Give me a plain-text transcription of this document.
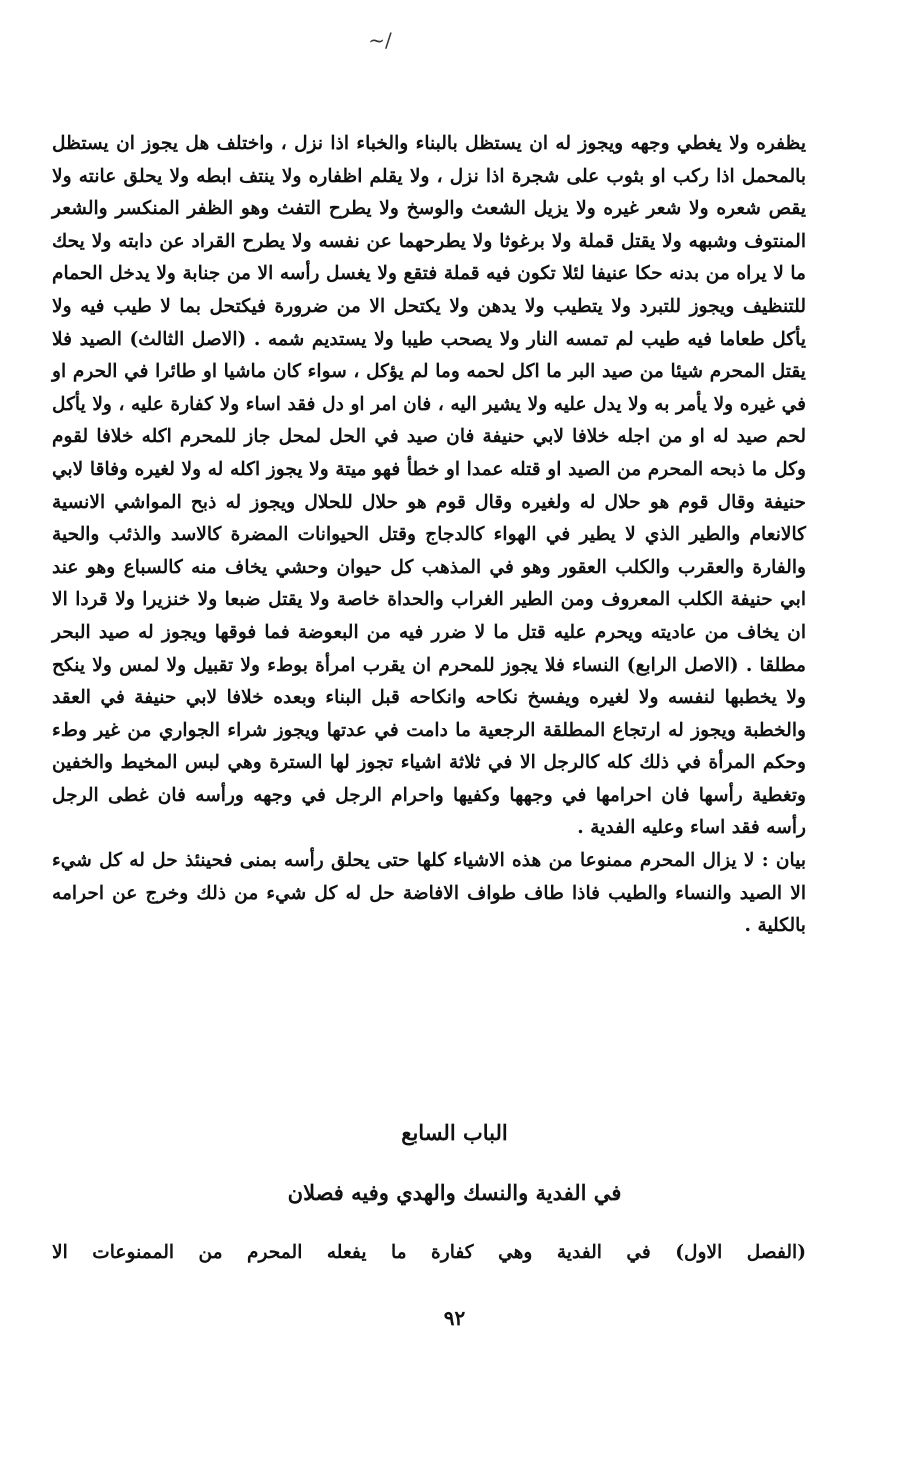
~/

يظفره ولا يغطي وجهه ويجوز له ان يستظل بالبناء والخباء اذا نزل ، واختلف هل يجوز ان يستظل بالمحمل اذا ركب او بثوب على شجرة اذا نزل ، ولا يقلم اظفاره ولا ينتف ابطه ولا يحلق عانته ولا يقص شعره ولا شعر غيره ولا يزيل الشعث والوسخ ولا يطرح التفث وهو الظفر المنكسر والشعر المنتوف وشبهه ولا يقتل قملة ولا برغوثا ولا يطرحهما عن نفسه ولا يطرح القراد عن دابته ولا يحك ما لا يراه من بدنه حكا عنيفا لئلا تكون فيه قملة فتقع ولا يغسل رأسه الا من جنابة ولا يدخل الحمام للتنظيف ويجوز للتبرد ولا يتطيب ولا يدهن ولا يكتحل الا من ضرورة فيكتحل بما لا طيب فيه ولا يأكل طعاما فيه طيب لم تمسه النار ولا يصحب طيبا ولا يستديم شمه . (الاصل الثالث) الصيد فلا يقتل المحرم شيئا من صيد البر ما اكل لحمه وما لم يؤكل ، سواء كان ماشيا او طائرا في الحرم او في غيره ولا يأمر به ولا يدل عليه ولا يشير اليه ، فان امر او دل فقد اساء ولا كفارة عليه ، ولا يأكل لحم صيد له او من اجله خلافا لابي حنيفة فان صيد في الحل لمحل جاز للمحرم اكله خلافا لقوم وكل ما ذبحه المحرم من الصيد او قتله عمدا او خطأ فهو ميتة ولا يجوز اكله له ولا لغيره وفاقا لابي حنيفة وقال قوم هو حلال له ولغيره وقال قوم هو حلال للحلال ويجوز له ذبح المواشي الانسية كالانعام والطير الذي لا يطير في الهواء كالدجاج وقتل الحيوانات المضرة كالاسد والذئب والحية والفارة والعقرب والكلب العقور وهو في المذهب كل حيوان وحشي يخاف منه كالسباع وهو عند ابي حنيفة الكلب المعروف ومن الطير الغراب والحداة خاصة ولا يقتل ضبعا ولا خنزيرا ولا قردا الا ان يخاف من عاديته ويحرم عليه قتل ما لا ضرر فيه من البعوضة فما فوقها ويجوز له صيد البحر مطلقا . (الاصل الرابع) النساء فلا يجوز للمحرم ان يقرب امرأة بوطء ولا تقبيل ولا لمس ولا ينكح ولا يخطبها لنفسه ولا لغيره ويفسخ نكاحه وانكاحه قبل البناء وبعده خلافا لابي حنيفة في العقد والخطبة ويجوز له ارتجاع المطلقة الرجعية ما دامت في عدتها ويجوز شراء الجواري من غير وطء وحكم المرأة في ذلك كله كالرجل الا في ثلاثة اشياء تجوز لها السترة وهي لبس المخيط والخفين وتغطية رأسها فان احرامها في وجهها وكفيها واحرام الرجل في وجهه ورأسه فان غطى الرجل رأسه فقد اساء وعليه الفدية .

بيان : لا يزال المحرم ممنوعا من هذه الاشياء كلها حتى يحلق رأسه بمنى فحينئذ حل له كل شيء الا الصيد والنساء والطيب فاذا طاف طواف الافاضة حل له كل شيء من ذلك وخرج عن احرامه بالكلية .

الباب السابع
في الفدية والنسك والهدي وفيه فصلان

(الفصل الاول) في الفدية وهي كفارة ما يفعله المحرم من الممنوعات الا

٩٢
